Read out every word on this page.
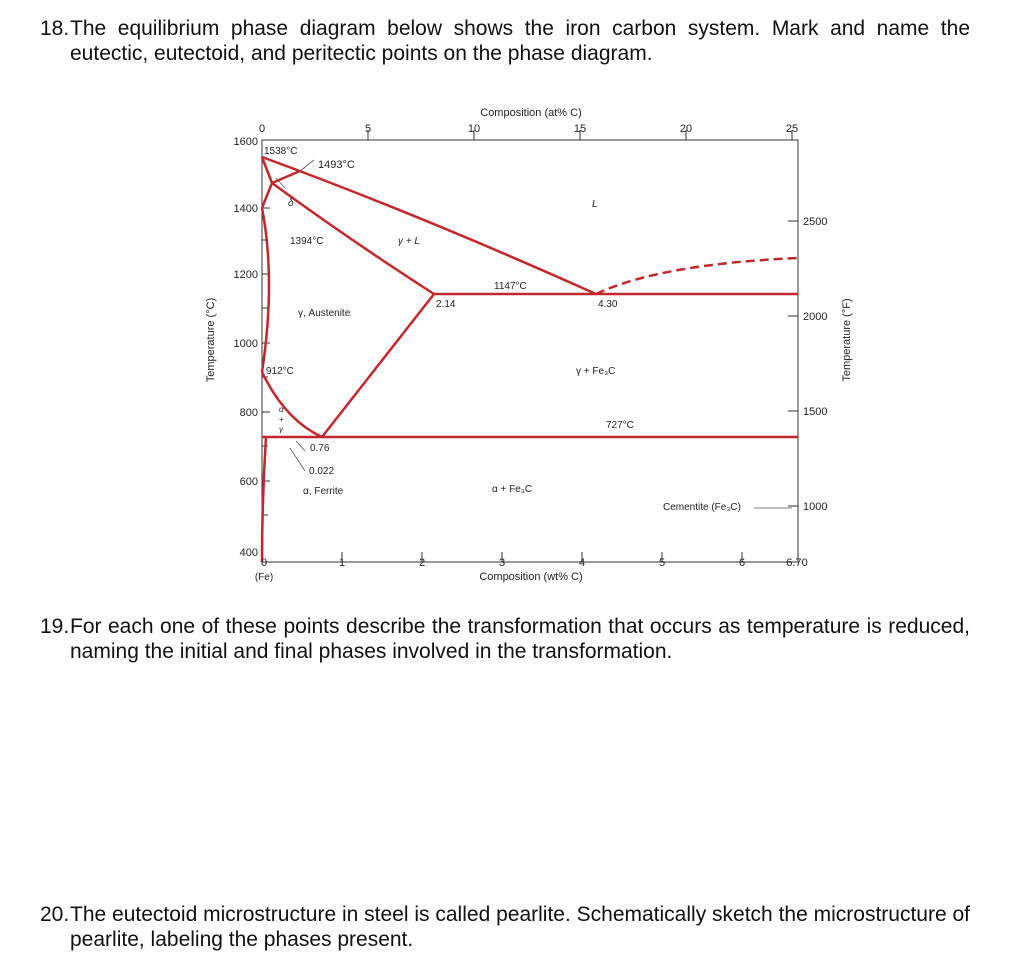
18. The equilibrium phase diagram below shows the iron carbon system. Mark and name the eutectic, eutectoid, and peritectic points on the phase diagram.
Composition (at% C)
Composition (wt% C)
Temperature (°C)	Temperature (°F)
0	5	10	15	20	25
0	1	2	3	4	5	6	6.70
(Fe)
1600
1400
1200
1000
800
600
400
2500
2000
1500
1000
1538°C
1493°C
δ
1394°C	γ + L
L
1147°C
2.14	4.30
γ, Austenite
912°C	γ + Fe₃C
α
+
γ	727°C
0.76
0.022
α, Ferrite	α + Fe₃C
Cementite (Fe₃C)
19. For each one of these points describe the transformation that occurs as temperature is reduced, naming the initial and final phases involved in the transformation.
20. The eutectoid microstructure in steel is called pearlite. Schematically sketch the microstructure of pearlite, labeling the phases present.
